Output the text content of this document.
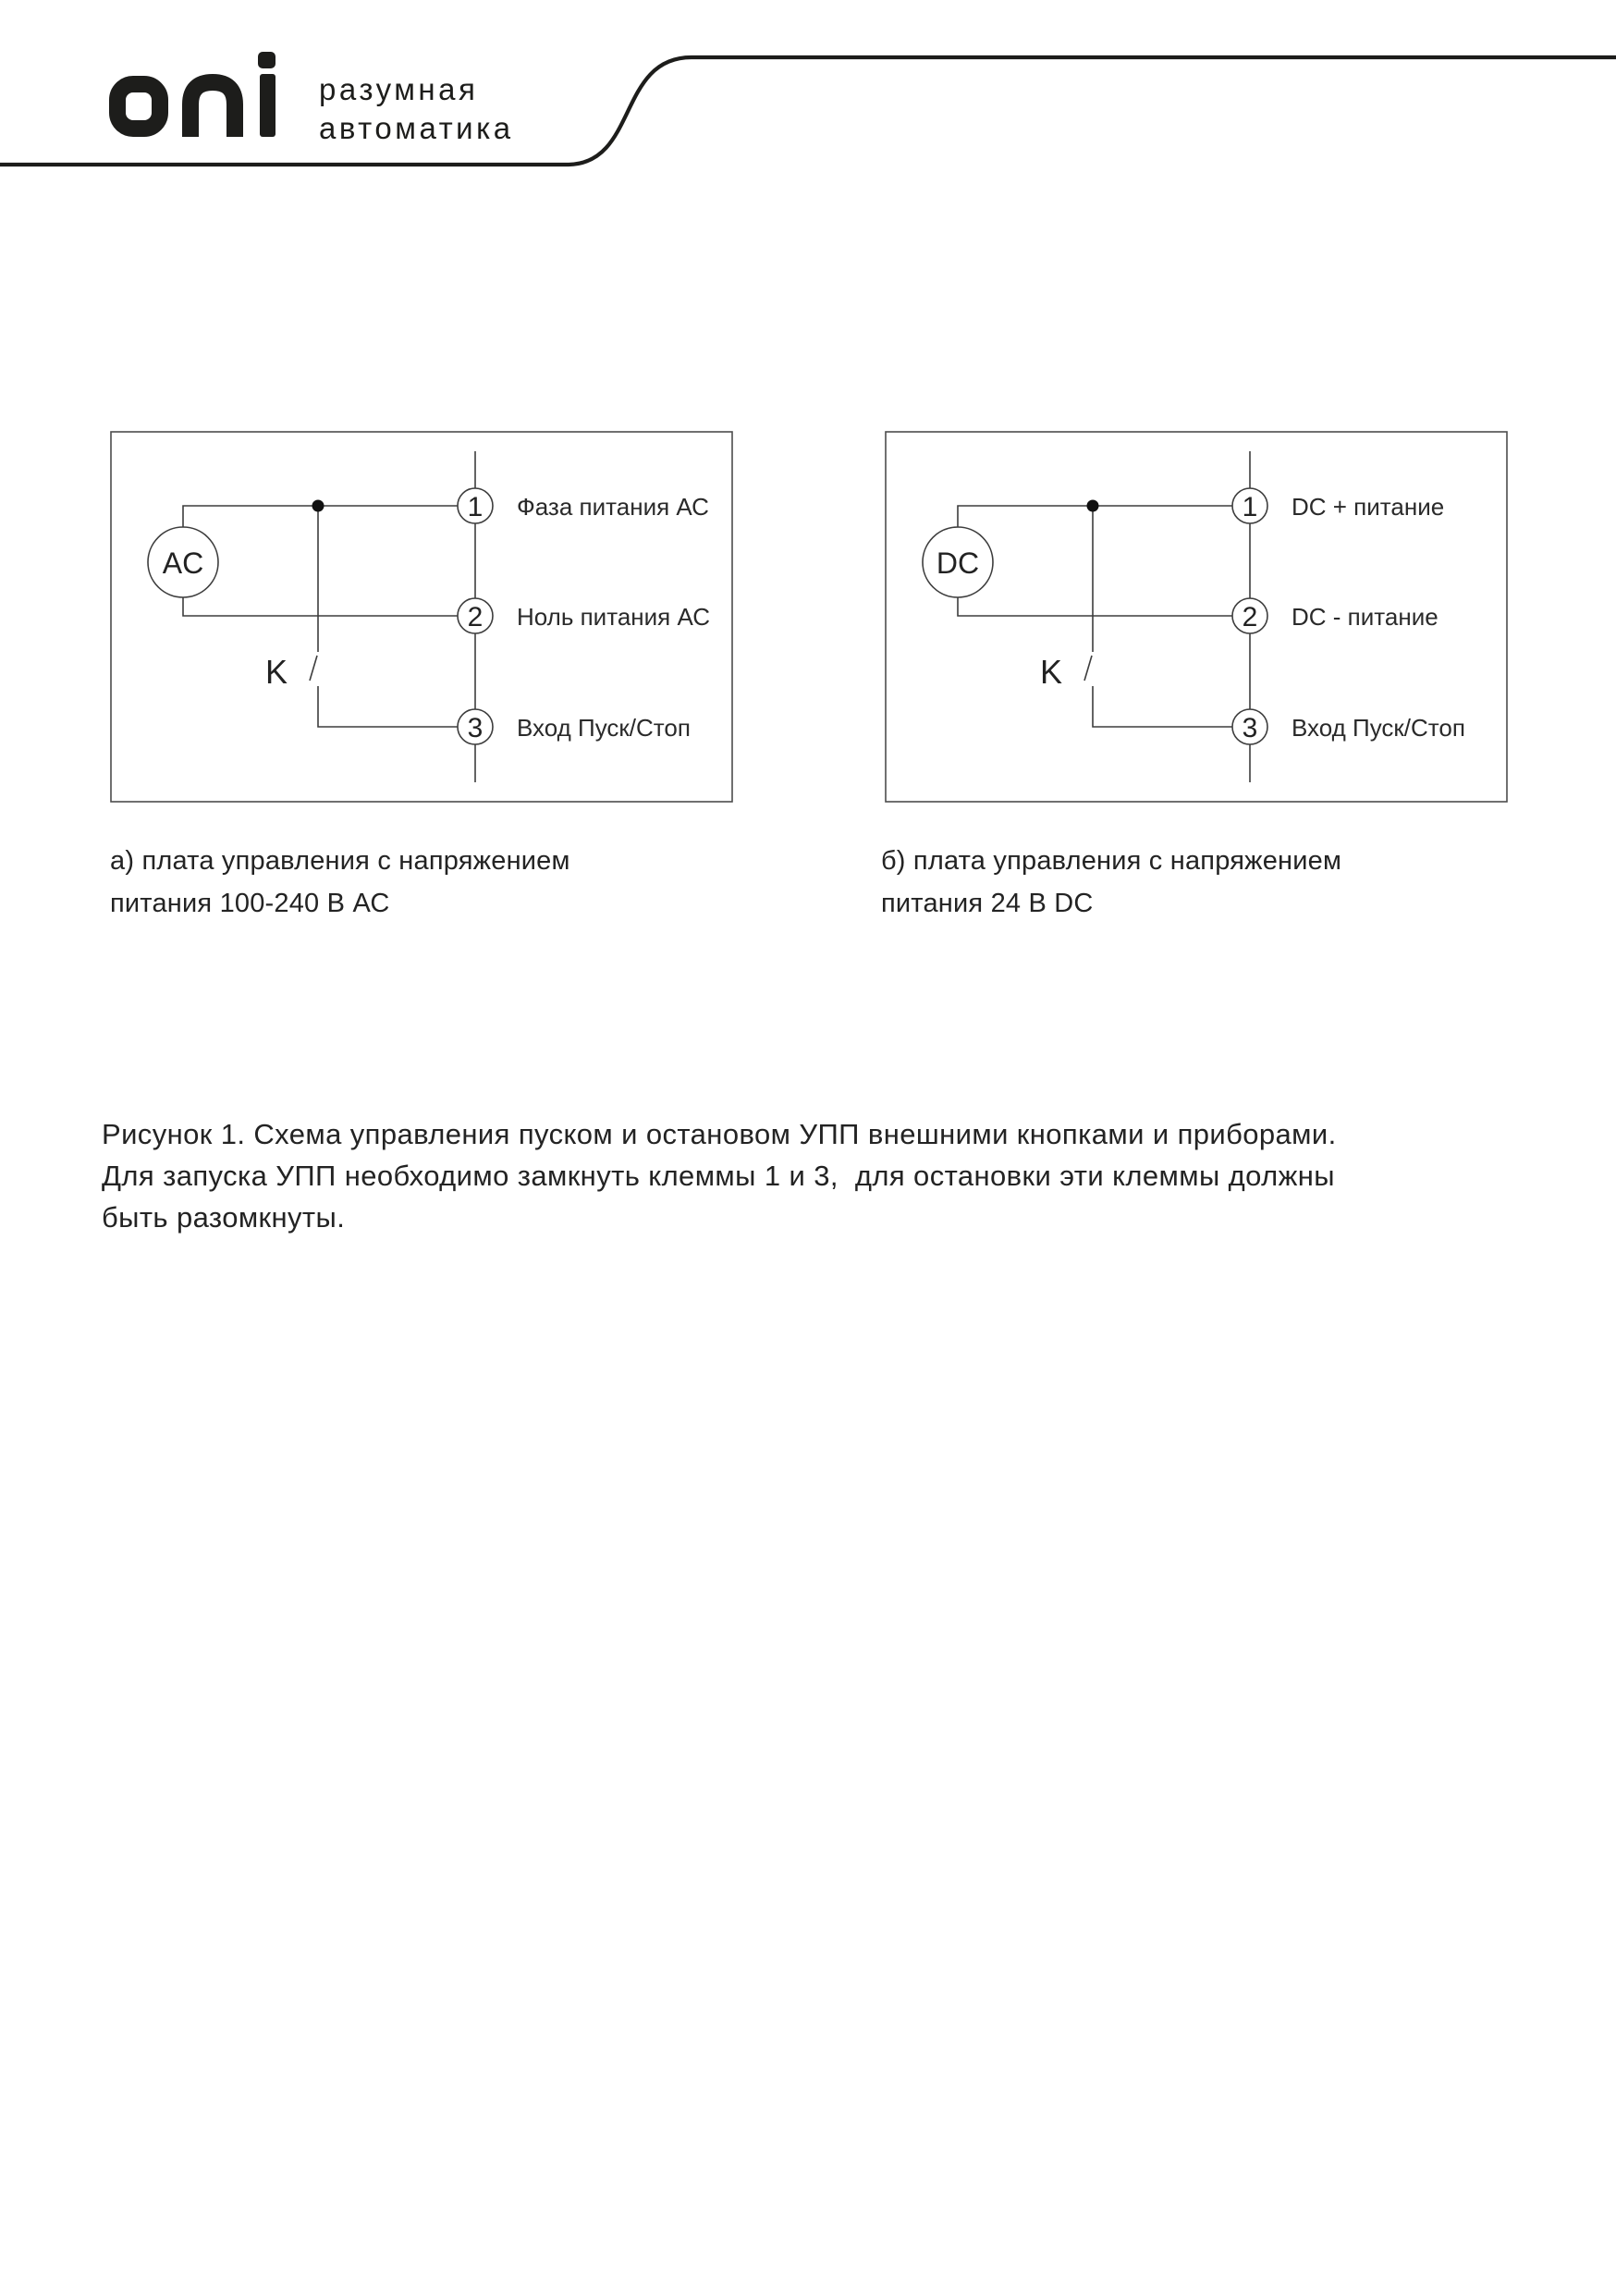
разумная
автоматика
AC
1
2
3
Фаза питания АС
Ноль питания АС
Вход Пуск/Стоп
K
DC
1
2
3
DC + питание
DC - питание
Вход Пуск/Стоп
K
а) плата управления с напряжением
питания 100-240 В АС
б) плата управления с напряжением
питания 24 В DC
Рисунок 1. Схема управления пуском и остановом УПП внешними кнопками и приборами.
Для запуска УПП необходимо замкнуть клеммы 1 и 3,  для остановки эти клеммы должны
быть разомкнуты.
